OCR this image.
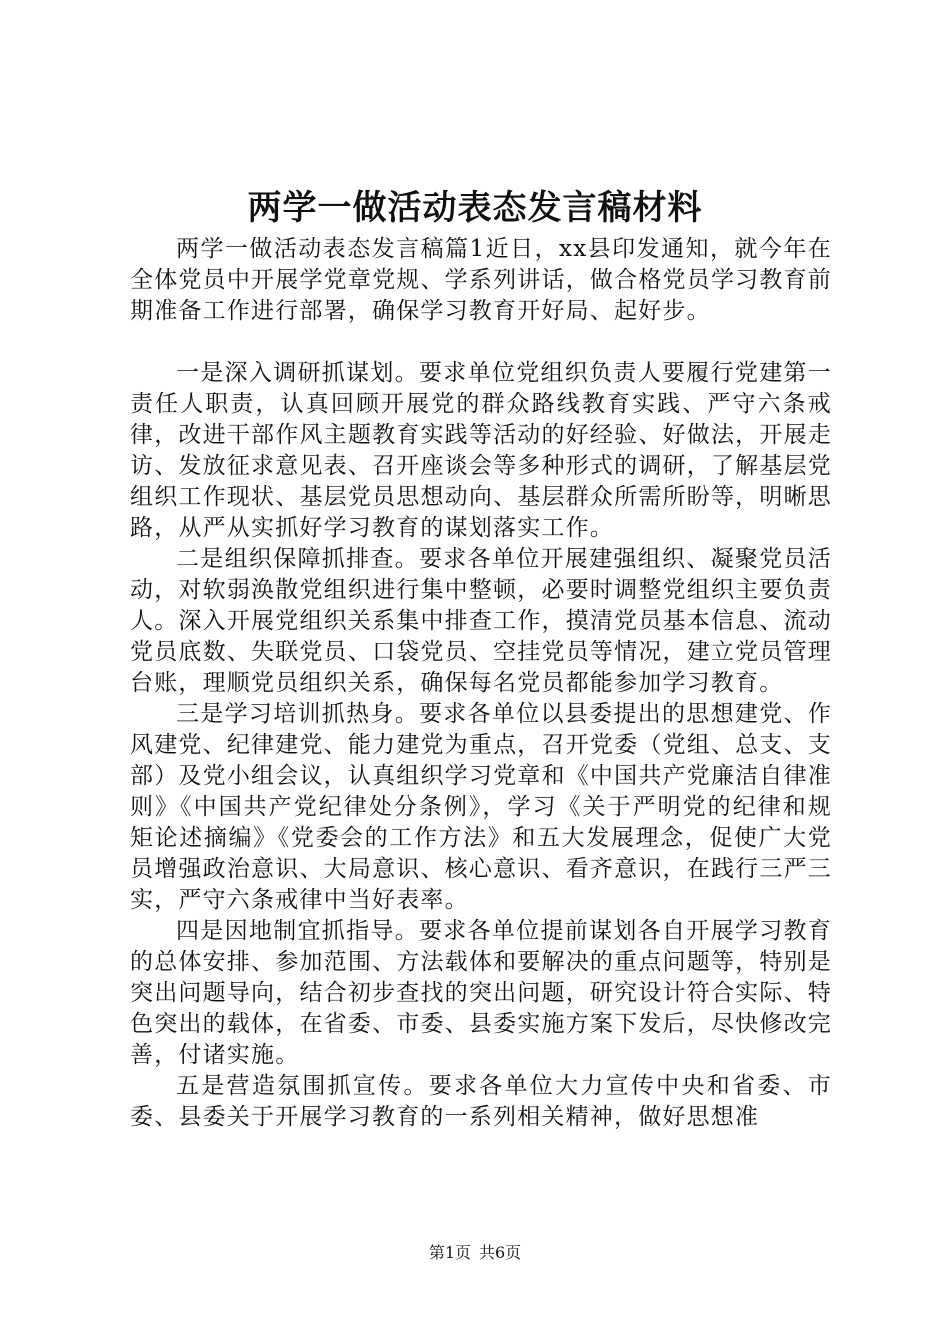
两学一做活动表态发言稿材料

两学一做活动表态发言稿篇1近日，xx县印发通知，就今年在全体党员中开展学党章党规、学系列讲话，做合格党员学习教育前期准备工作进行部署，确保学习教育开好局、起好步。

一是深入调研抓谋划。要求单位党组织负责人要履行党建第一责任人职责，认真回顾开展党的群众路线教育实践、严守六条戒律，改进干部作风主题教育实践等活动的好经验、好做法，开展走访、发放征求意见表、召开座谈会等多种形式的调研，了解基层党组织工作现状、基层党员思想动向、基层群众所需所盼等，明晰思路，从严从实抓好学习教育的谋划落实工作。

二是组织保障抓排查。要求各单位开展建强组织、凝聚党员活动，对软弱涣散党组织进行集中整顿，必要时调整党组织主要负责人。深入开展党组织关系集中排查工作，摸清党员基本信息、流动党员底数、失联党员、口袋党员、空挂党员等情况，建立党员管理台账，理顺党员组织关系，确保每名党员都能参加学习教育。

三是学习培训抓热身。要求各单位以县委提出的思想建党、作风建党、纪律建党、能力建党为重点，召开党委（党组、总支、支部）及党小组会议，认真组织学习党章和《中国共产党廉洁自律准则》《中国共产党纪律处分条例》，学习《关于严明党的纪律和规矩论述摘编》《党委会的工作方法》和五大发展理念，促使广大党员增强政治意识、大局意识、核心意识、看齐意识，在践行三严三实，严守六条戒律中当好表率。

四是因地制宜抓指导。要求各单位提前谋划各自开展学习教育的总体安排、参加范围、方法载体和要解决的重点问题等，特别是突出问题导向，结合初步查找的突出问题，研究设计符合实际、特色突出的载体，在省委、市委、县委实施方案下发后，尽快修改完善，付诸实施。

五是营造氛围抓宣传。要求各单位大力宣传中央和省委、市委、县委关于开展学习教育的一系列相关精神，做好思想准

第1页 共6页
